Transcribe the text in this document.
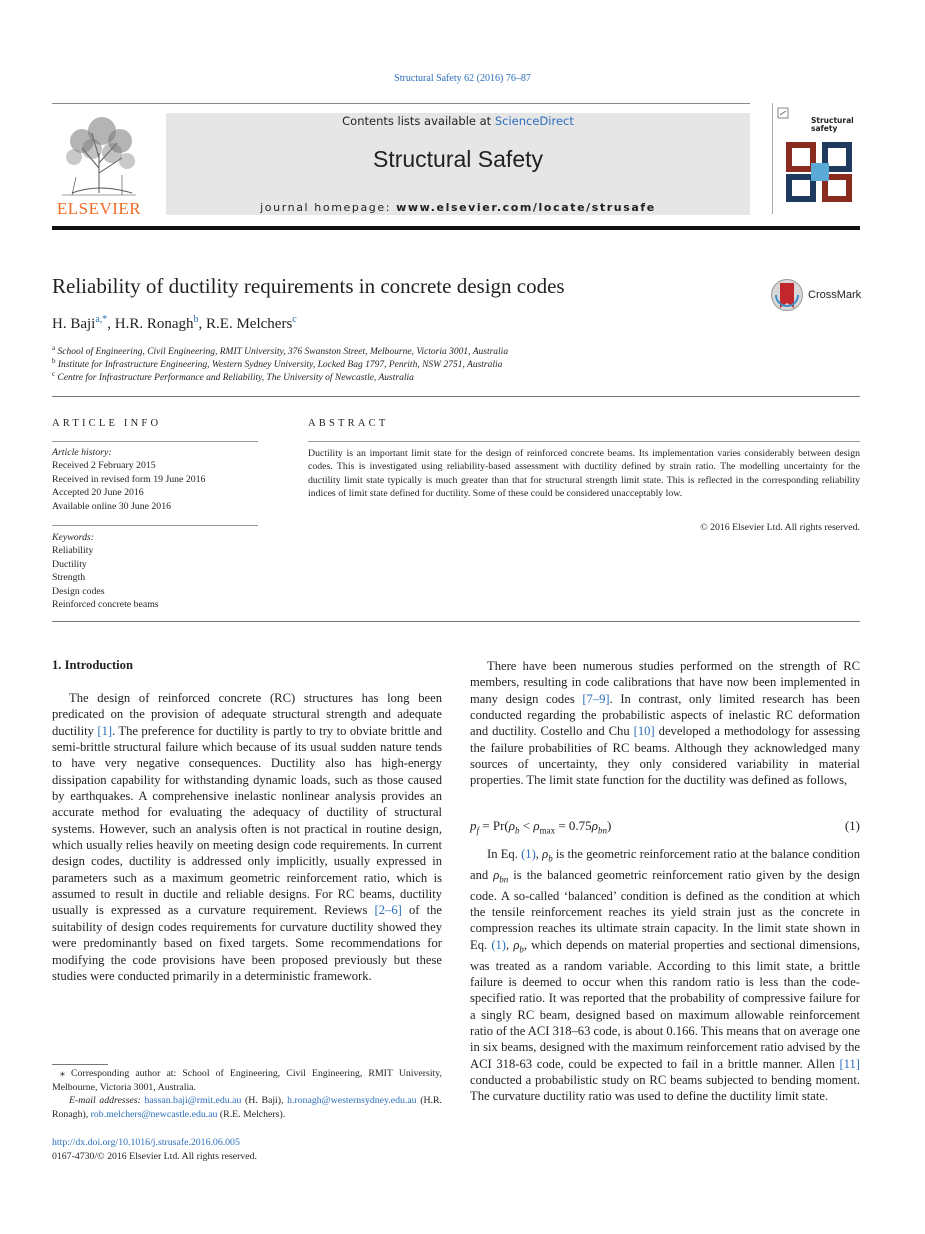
Structural Safety 62 (2016) 76–87
ELSEVIER
Contents lists available at ScienceDirect
Structural Safety
journal homepage: www.elsevier.com/locate/strusafe
Structural safety
Reliability of ductility requirements in concrete design codes	CrossMark
H. Baji$^{a,*}$, H.R. Ronagh$^b$, R.E. Melchers$^c$
$^a$ School of Engineering, Civil Engineering, RMIT University, 376 Swanston Street, Melbourne, Victoria 3001, Australia
$^b$ Institute for Infrastructure Engineering, Western Sydney University, Locked Bag 1797, Penrith, NSW 2751, Australia
$^c$ Centre for Infrastructure Performance and Reliability, The University of Newcastle, Australia
ARTICLE INFO	ABSTRACT
Article history:
Received 2 February 2015
Received in revised form 19 June 2016
Accepted 20 June 2016
Available online 30 June 2016
Keywords:
Reliability
Ductility
Strength
Design codes
Reinforced concrete beams
Ductility is an important limit state for the design of reinforced concrete beams. Its implementation varies considerably between design codes. This is investigated using reliability-based assessment with ductility defined by strain ratio. The modelling uncertainty for the ductility limit state typically is much greater than that for structural strength limit state. This is reflected in the corresponding reliability indices of limit state defined for ductility. Some of these could be considered unacceptably low.
© 2016 Elsevier Ltd. All rights reserved.
1. Introduction
The design of reinforced concrete (RC) structures has long been predicated on the provision of adequate structural strength and adequate ductility [1]. The preference for ductility is partly to try to obviate brittle and semi-brittle structural failure which because of its usual sudden nature tends to have very negative consequences. Ductility also has high-energy dissipation capability for withstanding dynamic loads, such as those caused by earthquakes. A comprehensive inelastic nonlinear analysis provides an accurate method for evaluating the adequacy of ductility of structural systems. However, such an analysis often is not practical in routine design, which usually relies heavily on meeting design code requirements. In current design codes, ductility is addressed only implicitly, usually expressed in parameters such as a maximum geometric reinforcement ratio, which is assumed to result in ductile and reliable designs. For RC beams, ductility usually is expressed as a curvature requirement. Reviews [2–6] of the suitability of design codes requirements for curvature ductility showed they were predominantly based on fixed targets. Some recommendations for modifying the code provisions have been proposed previously but these studies were conducted primarily in a deterministic framework.
There have been numerous studies performed on the strength of RC members, resulting in code calibrations that have now been implemented in many design codes [7–9]. In contrast, only limited research has been conducted regarding the probabilistic aspects of inelastic RC deformation and ductility. Costello and Chu [10] developed a methodology for assessing the failure probabilities of RC beams. Although they acknowledged many sources of uncertainty, they only considered variability in material properties. The limit state function for the ductility was defined as follows,
$p_f = Pr(\rho_b < \rho_{max} = 0.75\rho_{bn})$	(1)
In Eq. (1), $\rho_b$ is the geometric reinforcement ratio at the balance condition and $\rho_{bn}$ is the balanced geometric reinforcement ratio given by the design code. A so-called ‘balanced’ condition is defined as the condition at which the tensile reinforcement reaches its yield strain just as the concrete in compression reaches its ultimate strain capacity. In the limit state shown in Eq. (1), $\rho_b$, which depends on material properties and sectional dimensions, was treated as a random variable. According to this limit state, a brittle failure is deemed to occur when this random ratio is less than the code-specified ratio. It was reported that the probability of compressive failure for a singly RC beam, designed based on maximum allowable reinforcement ratio of the ACI 318–63 code, is about 0.166. This means that on average one in six beams, designed with the maximum reinforcement ratio advised by the ACI 318-63 code, could be expected to fail in a brittle manner. Allen [11] conducted a probabilistic study on RC beams subjected to bending moment. The curvature ductility ratio was used to define the ductility limit state.
⁎ Corresponding author at: School of Engineering, Civil Engineering, RMIT University, Melbourne, Victoria 3001, Australia.
E-mail addresses: hassan.baji@rmit.edu.au (H. Baji), h.ronagh@westernsydney.edu.au (H.R. Ronagh), rob.melchers@newcastle.edu.au (R.E. Melchers).
http://dx.doi.org/10.1016/j.strusafe.2016.06.005
0167-4730/© 2016 Elsevier Ltd. All rights reserved.
